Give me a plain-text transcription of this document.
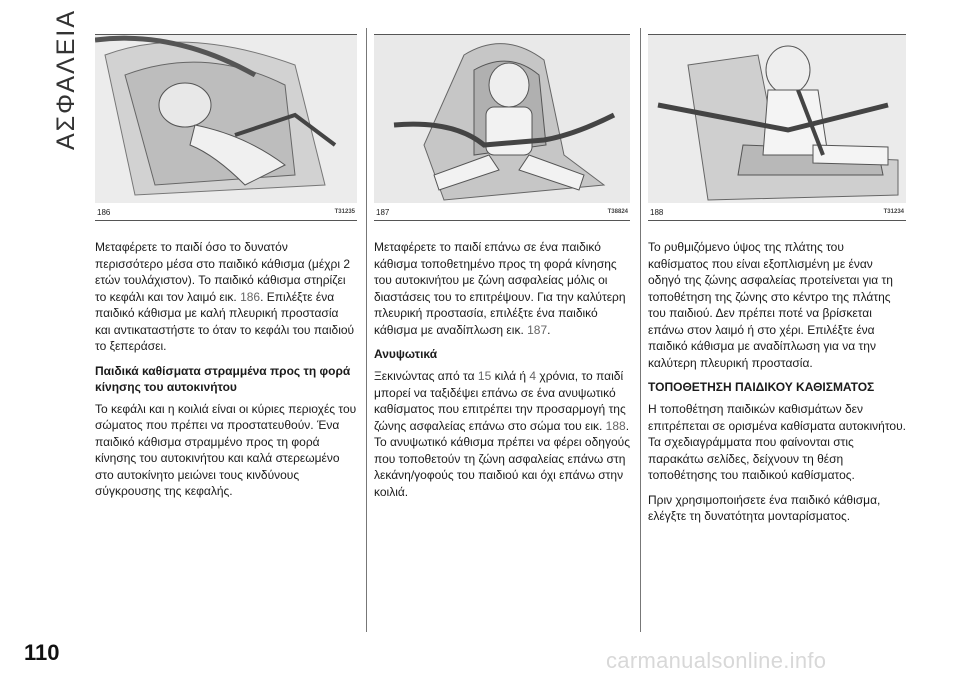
ΑΣΦΑΛΕΙΑ
186	T31235

Μεταφέρετε το παιδί όσο το δυνατόν περισσότερο μέσα στο παιδικό κάθισμα (μέχρι 2 ετών τουλάχιστον). Το παιδικό κάθισμα στηρίζει το κεφάλι και τον λαιμό εικ. 186. Επιλέξτε ένα παιδικό κάθισμα με καλή πλευρική προστασία και αντικαταστήστε το όταν το κεφάλι του παιδιού το ξεπεράσει.

Παιδικά καθίσματα στραμμένα προς τη φορά κίνησης του αυτοκινήτου

Το κεφάλι και η κοιλιά είναι οι κύριες περιοχές του σώματος που πρέπει να προστατευθούν. Ένα παιδικό κάθισμα στραμμένο προς τη φορά κίνησης του αυτοκινήτου και καλά στερεωμένο στο αυτοκίνητο μειώνει τους κινδύνους σύγκρουσης της κεφαλής.

187	T38824

Μεταφέρετε το παιδί επάνω σε ένα παιδικό κάθισμα τοποθετημένο προς τη φορά κίνησης του αυτοκινήτου με ζώνη ασφαλείας μόλις οι διαστάσεις του το επιτρέψουν. Για την καλύτερη πλευρική προστασία, επιλέξτε ένα παιδικό κάθισμα με αναδίπλωση εικ. 187.

Ανυψωτικά

Ξεκινώντας από τα 15 κιλά ή 4 χρόνια, το παιδί μπορεί να ταξιδέψει επάνω σε ένα ανυψωτικό καθίσματος που επιτρέπει την προσαρμογή της ζώνης ασφαλείας επάνω στο σώμα του εικ. 188. Το ανυψωτικό κάθισμα πρέπει να φέρει οδηγούς που τοποθετούν τη ζώνη ασφαλείας επάνω στη λεκάνη/γοφούς του παιδιού και όχι επάνω στην κοιλιά.

188	T31234

Το ρυθμιζόμενο ύψος της πλάτης του καθίσματος που είναι εξοπλισμένη με έναν οδηγό της ζώνης ασφαλείας προτείνεται για τη τοποθέτηση της ζώνης στο κέντρο της πλάτης του παιδιού. Δεν πρέπει ποτέ να βρίσκεται επάνω στον λαιμό ή στο χέρι. Επιλέξτε ένα παιδικό κάθισμα με αναδίπλωση για να την καλύτερη πλευρική προστασία.

ΤΟΠΟΘΕΤΗΣΗ ΠΑΙΔΙΚΟΥ ΚΑΘΙΣΜΑΤΟΣ

Η τοποθέτηση παιδικών καθισμάτων δεν επιτρέπεται σε ορισμένα καθίσματα αυτοκινήτου. Τα σχεδιαγράμματα που φαίνονται στις παρακάτω σελίδες, δείχνουν τη θέση τοποθέτησης του παιδικού καθίσματος.

Πριν χρησιμοποιήσετε ένα παιδικό κάθισμα, ελέγξτε τη δυνατότητα μονταρίσματος.

110	carmanualsonline.info
